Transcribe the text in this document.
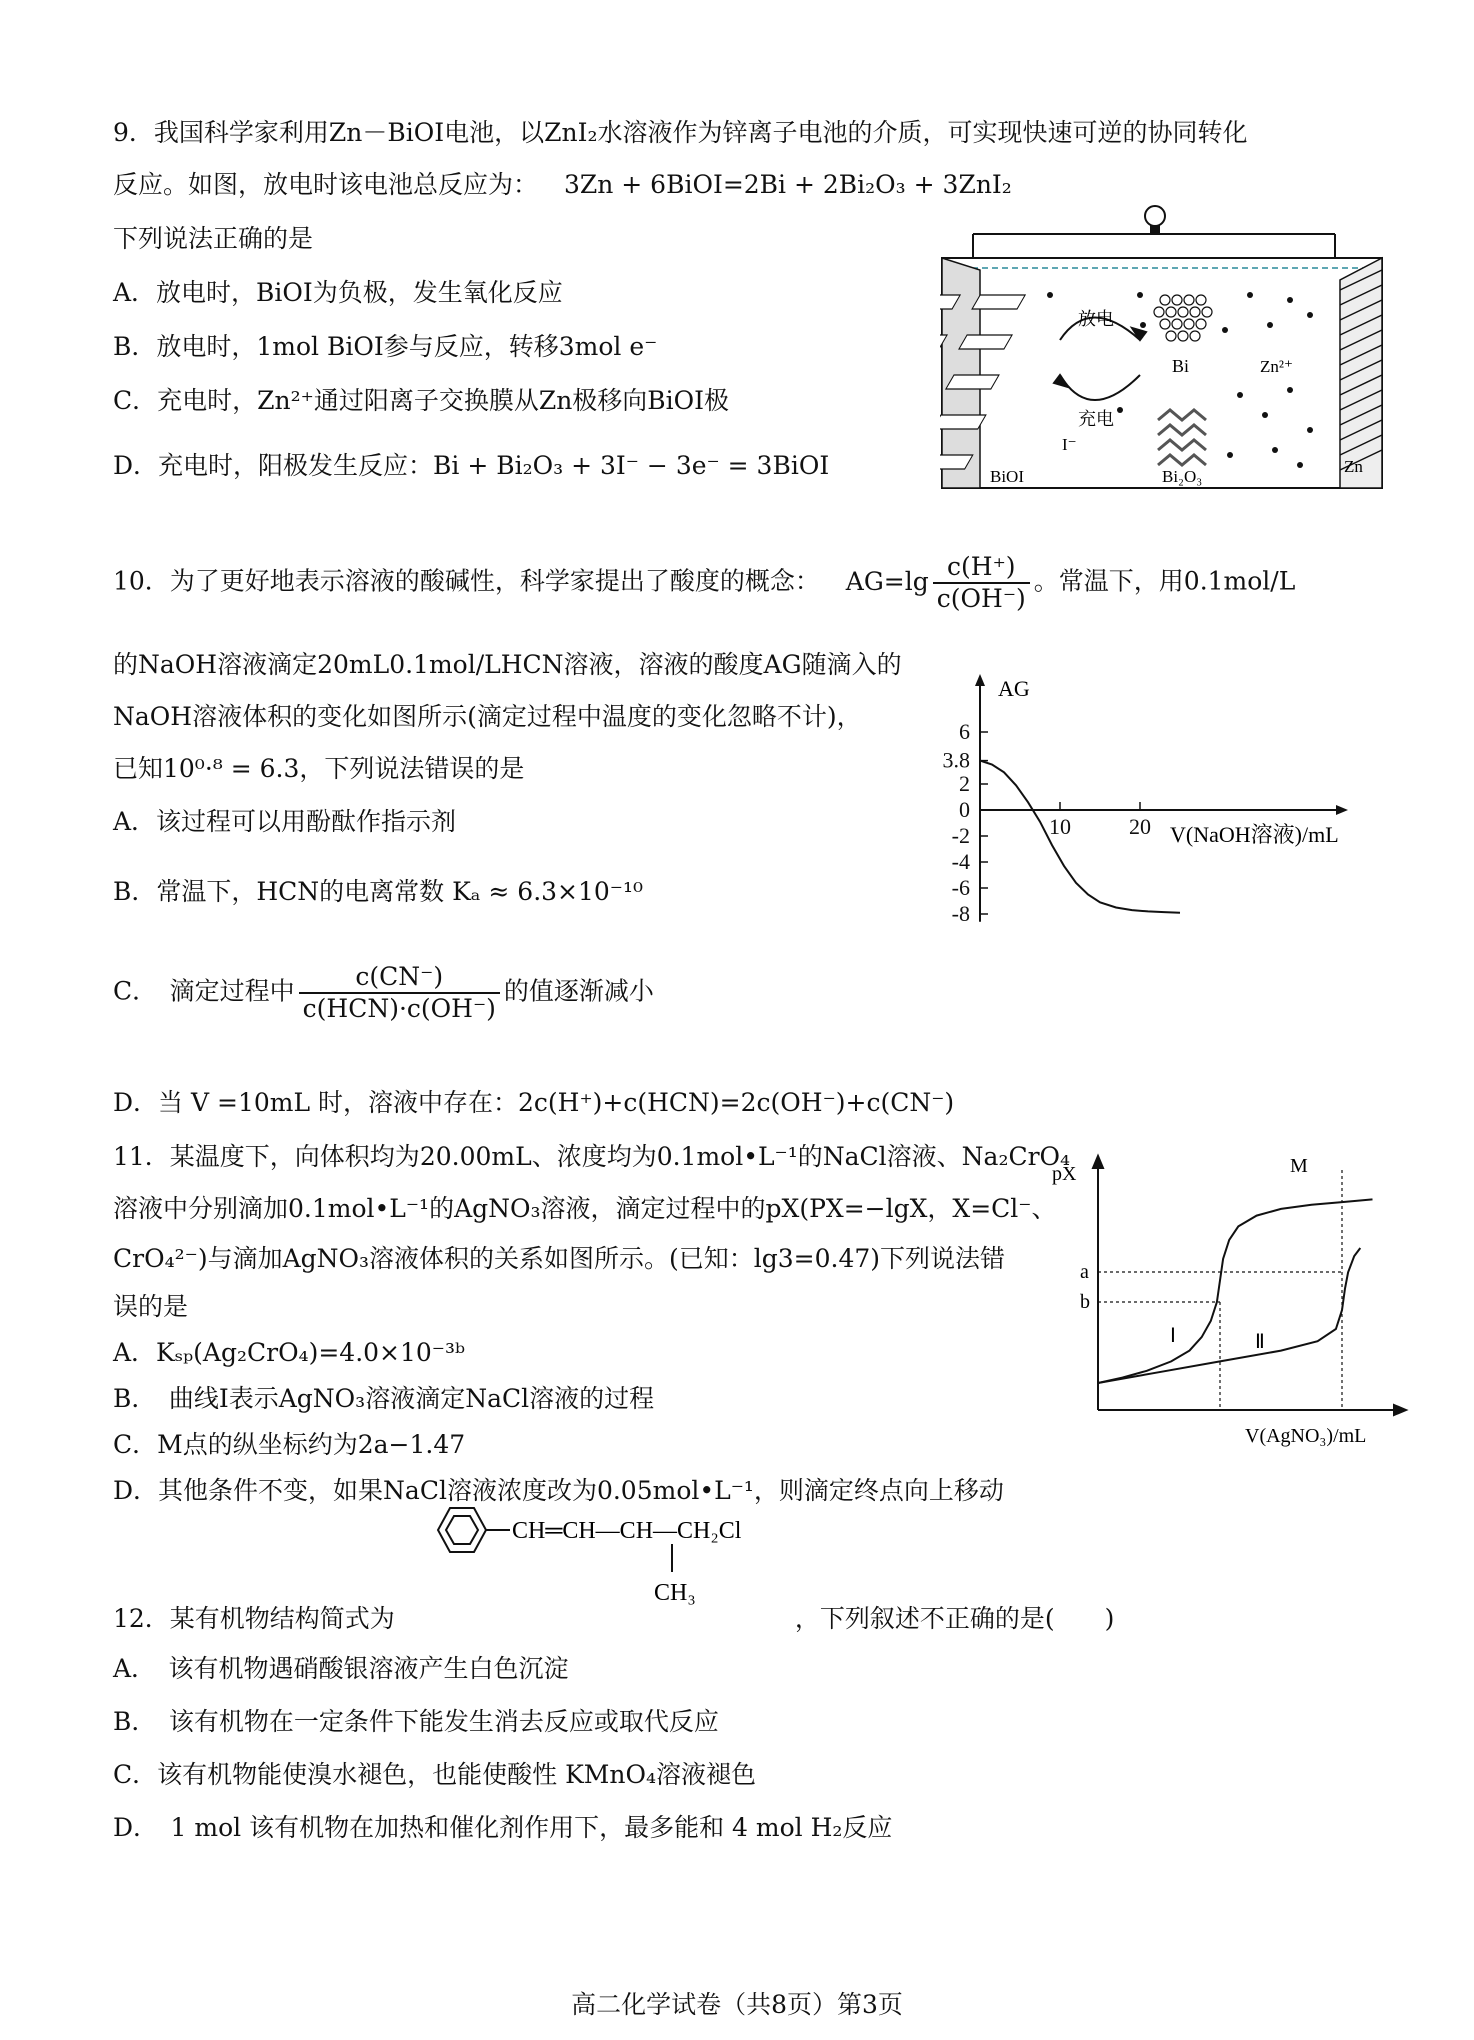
9．我国科学家利用Zn－BiOI电池，以ZnI₂水溶液作为锌离子电池的介质，可实现快速可逆的协同转化
反应。如图，放电时该电池总反应为： 3Zn + 6BiOI=2Bi + 2Bi₂O₃ + 3ZnI₂
下列说法正确的是
A．放电时，BiOI为负极，发生氧化反应
B．放电时，1mol BiOI参与反应，转移3mol e⁻
C．充电时，Zn²⁺通过阳离子交换膜从Zn极移向BiOI极
D．充电时，阳极发生反应：Bi + Bi₂O₃ + 3I⁻ − 3e⁻ = 3BiOI
放电
充电
Bi
Bi₂O₃
Zn²⁺
I⁻
BiOI
Zn
10．为了更好地表示溶液的酸碱性，科学家提出了酸度的概念： $AG=\lg \frac{c(H^+)}{c(OH^-)}$ 。常温下，用0.1mol/L
的NaOH溶液滴定20mL0.1mol/LHCN溶液，溶液的酸度AG随滴入的
NaOH溶液体积的变化如图所示(滴定过程中温度的变化忽略不计)，
已知10⁰·⁸ = 6.3，下列说法错误的是
A．该过程可以用酚酞作指示剂
B．常温下，HCN的电离常数 Kₐ ≈ 6.3×10⁻¹⁰
C．　滴定过程中 $\frac{c(CN^-)}{\text{c(HCN)·c(OH⁻)}}$ 的值逐渐减小
D．当 V =10mL 时，溶液中存在：2c(H⁺)+c(HCN)=2c(OH⁻)+c(CN⁻)
6
3.8
2
0
-2
-4
-6
-8
10	20
AG
V(NaOH溶液)/mL
11．某温度下，向体积均为20.00mL、浓度均为0.1mol•L⁻¹的NaCl溶液、Na₂CrO₄
溶液中分别滴加0.1mol•L⁻¹的AgNO₃溶液，滴定过程中的pX(PX=−lgX，X=Cl⁻、
CrO₄²⁻)与滴加AgNO₃溶液体积的关系如图所示。(已知：lg3=0.47)下列说法错
误的是
A．Kₛₚ(Ag₂CrO₄)=4.0×10⁻³ᵇ
B．　曲线Ⅰ表示AgNO₃溶液滴定NaCl溶液的过程
C．M点的纵坐标约为2a−1.47
D．其他条件不变，如果NaCl溶液浓度改为0.05mol•L⁻¹，则滴定终点向上移动
pX
V(AgNO₃)/mL
a
b
M
Ⅰ	Ⅱ
CH═CH—CH—CH₂Cl
CH₃
12．某有机物结构简式为	，下列叙述不正确的是(　　)
A．　该有机物遇硝酸银溶液产生白色沉淀
B．　该有机物在一定条件下能发生消去反应或取代反应
C．该有机物能使溴水褪色，也能使酸性 KMnO₄溶液褪色
D．　1 mol 该有机物在加热和催化剂作用下，最多能和 4 mol H₂反应
高二化学试卷（共8页）第3页
